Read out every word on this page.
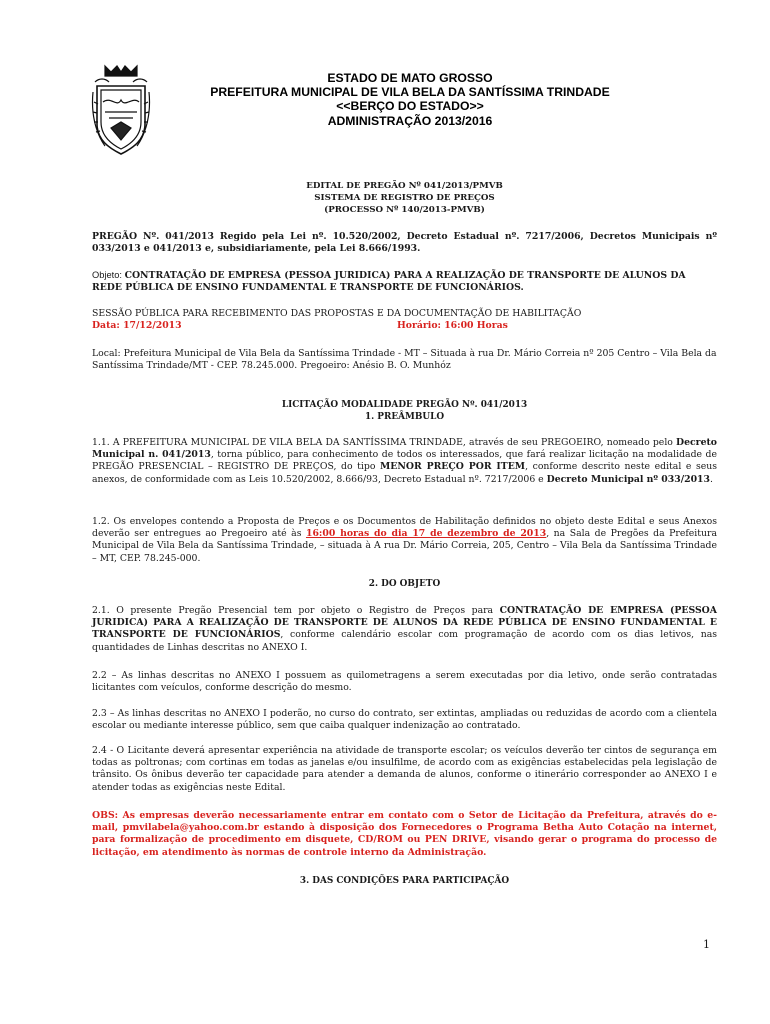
ESTADO DE MATO GROSSO
PREFEITURA MUNICIPAL DE VILA BELA DA SANTÍSSIMA TRINDADE
<<BERÇO DO ESTADO>>
ADMINISTRAÇÃO 2013/2016
EDITAL DE PREGÃO Nº 041/2013/PMVB
SISTEMA DE REGISTRO DE PREÇOS
(PROCESSO Nº 140/2013-PMVB)
PREGÃO Nº. 041/2013 Regido pela Lei nº. 10.520/2002, Decreto Estadual nº. 7217/2006, Decretos Municipais nº 033/2013 e 041/2013 e, subsidiariamente, pela Lei 8.666/1993.
Objeto: CONTRATAÇÃO DE EMPRESA (PESSOA JURIDICA) PARA A REALIZAÇÃO DE TRANSPORTE DE ALUNOS DA REDE PÚBLICA DE ENSINO FUNDAMENTAL E TRANSPORTE DE FUNCIONÁRIOS.
SESSÃO PÚBLICA PARA RECEBIMENTO DAS PROPOSTAS E DA DOCUMENTAÇÃO DE HABILITAÇÃO
Data: 17/12/2013	Horário: 16:00 Horas
Local: Prefeitura Municipal de Vila Bela da Santíssima Trindade - MT – Situada à rua Dr. Mário Correia nº 205 Centro – Vila Bela da Santíssima Trindade/MT - CEP. 78.245.000. Pregoeiro: Anésio B. O. Munhóz
LICITAÇÃO MODALIDADE PREGÃO Nº. 041/2013
1. PREÂMBULO
1.1. A PREFEITURA MUNICIPAL DE VILA BELA DA SANTÍSSIMA TRINDADE, através de seu PREGOEIRO, nomeado pelo Decreto Municipal n. 041/2013, torna público, para conhecimento de todos os interessados, que fará realizar licitação na modalidade de PREGÃO PRESENCIAL – REGISTRO DE PREÇOS, do tipo MENOR PREÇO POR ITEM, conforme descrito neste edital e seus anexos, de conformidade com as Leis 10.520/2002, 8.666/93, Decreto Estadual nº. 7217/2006 e Decreto Municipal nº 033/2013.
1.2. Os envelopes contendo a Proposta de Preços e os Documentos de Habilitação definidos no objeto deste Edital e seus Anexos deverão ser entregues ao Pregoeiro até às 16:00 horas do dia 17 de dezembro de 2013, na Sala de Pregões da Prefeitura Municipal de Vila Bela da Santíssima Trindade, – situada à A rua Dr. Mário Correia, 205, Centro – Vila Bela da Santíssima Trindade – MT, CEP. 78.245-000.
2. DO OBJETO
2.1. O presente Pregão Presencial tem por objeto o Registro de Preços para CONTRATAÇÃO DE EMPRESA (PESSOA JURIDICA) PARA A REALIZAÇÃO DE TRANSPORTE DE ALUNOS DA REDE PÚBLICA DE ENSINO FUNDAMENTAL E TRANSPORTE DE FUNCIONÁRIOS, conforme calendário escolar com programação de acordo com os dias letivos, nas quantidades de Linhas descritas no ANEXO I.
2.2 – As linhas descritas no ANEXO I possuem as quilometragens a serem executadas por dia letivo, onde serão contratadas licitantes com veículos, conforme descrição do mesmo.
2.3 – As linhas descritas no ANEXO I poderão, no curso do contrato, ser extintas, ampliadas ou reduzidas de acordo com a clientela escolar ou mediante interesse público, sem que caiba qualquer indenização ao contratado.
2.4 - O Licitante deverá apresentar experiência na atividade de transporte escolar; os veículos deverão ter cintos de segurança em todas as poltronas; com cortinas em todas as janelas e/ou insulfilme, de acordo com as exigências estabelecidas pela legislação de trânsito. Os ônibus deverão ter capacidade para atender a demanda de alunos, conforme o itinerário corresponder ao ANEXO I e atender todas as exigências neste Edital.
OBS: As empresas deverão necessariamente entrar em contato com o Setor de Licitação da Prefeitura, através do e-mail, pmvilabela@yahoo.com.br estando à disposição dos Fornecedores o Programa Betha Auto Cotação na internet, para formalização de procedimento em disquete, CD/ROM ou PEN DRIVE, visando gerar o programa do processo de licitação, em atendimento às normas de controle interno da Administração.
3. DAS CONDIÇÕES PARA PARTICIPAÇÃO
1
